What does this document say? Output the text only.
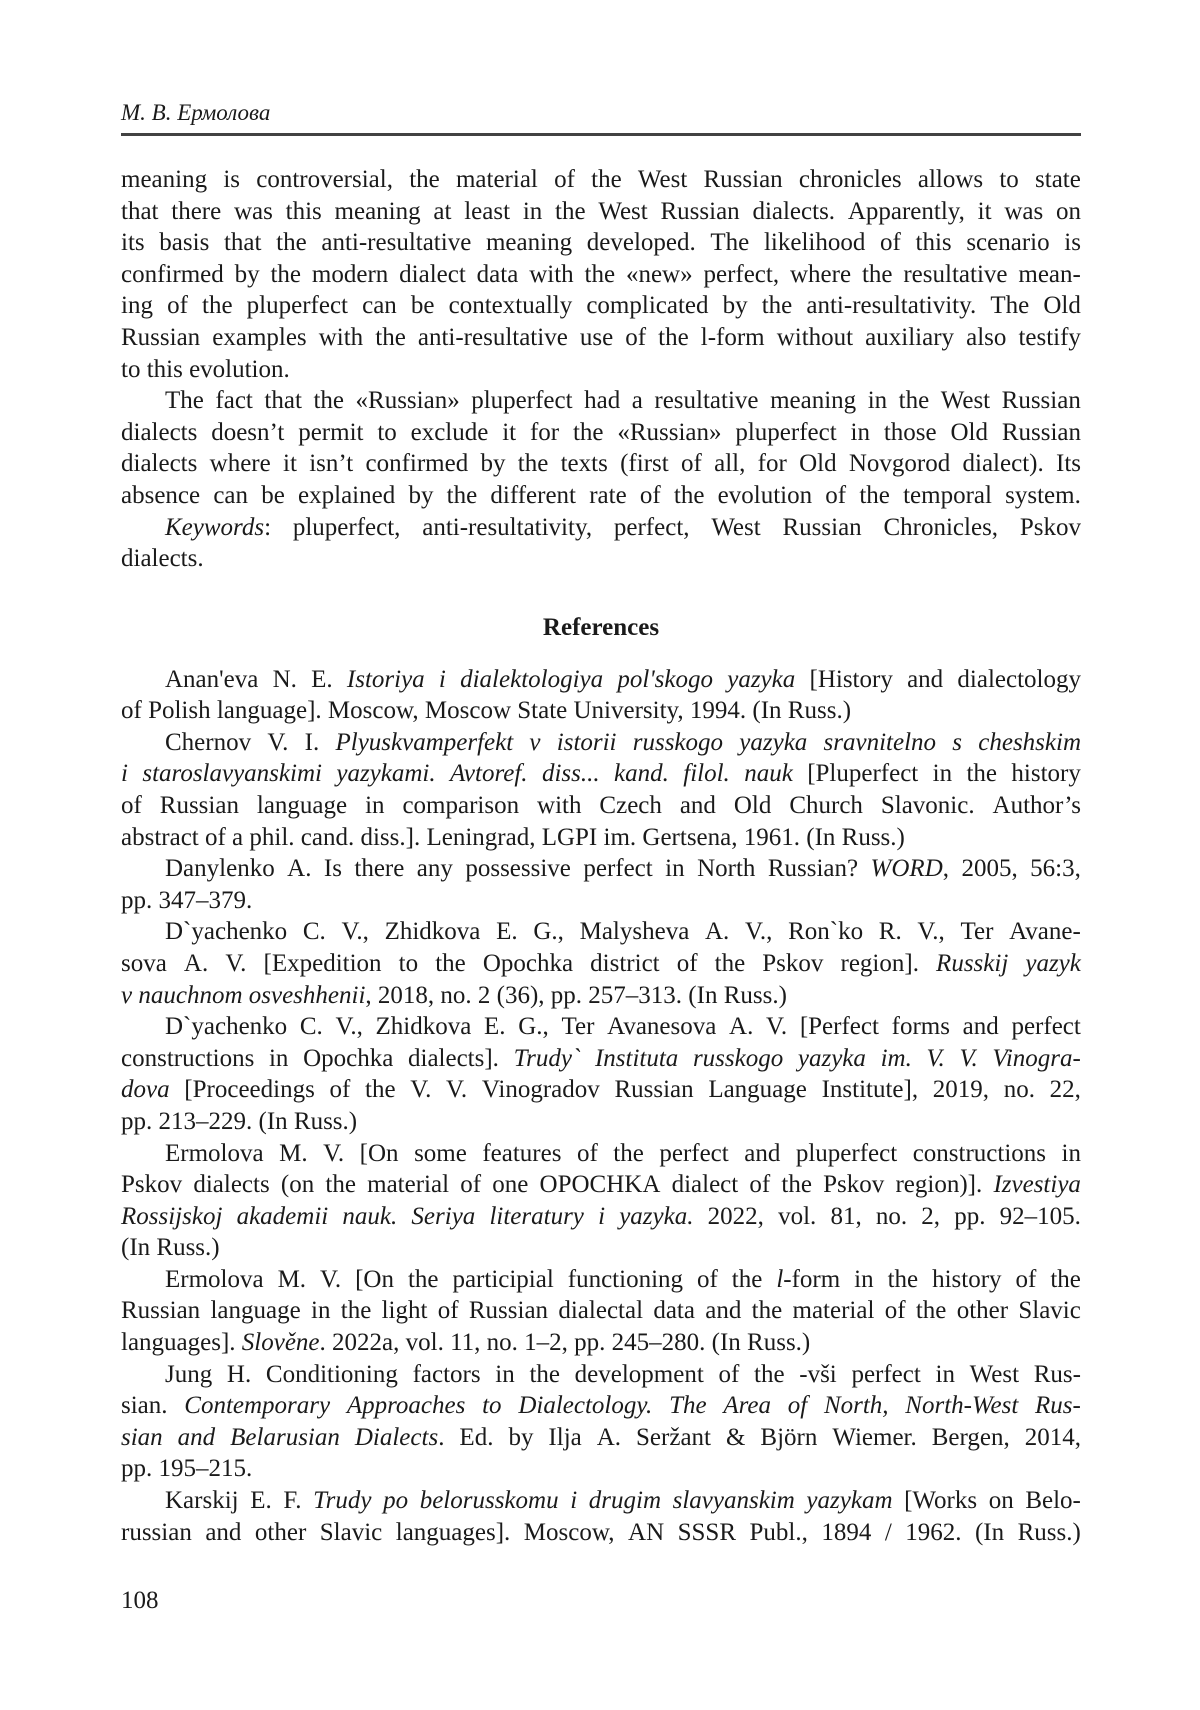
М. В. Ермолова
meaning is controversial, the material of the West Russian chronicles allows to state
that there was this meaning at least in the West Russian dialects. Apparently, it was on
its basis that the anti-resultative meaning developed. The likelihood of this scenario is
confirmed by the modern dialect data with the «new» perfect, where the resultative mean-
ing of the pluperfect can be contextually complicated by the anti-resultativity. The Old
Russian examples with the anti-resultative use of the l-form without auxiliary also testify
to this evolution.
The fact that the «Russian» pluperfect had a resultative meaning in the West Russian
dialects doesn’t permit to exclude it for the «Russian» pluperfect in those Old Russian
dialects where it isn’t confirmed by the texts (first of all, for Old Novgorod dialect). Its
absence can be explained by the different rate of the evolution of the temporal system.
Keywords: pluperfect, anti-resultativity, perfect, West Russian Chronicles, Pskov
dialects.
References
Anan'eva N. E. Istoriya i dialektologiya pol'skogo yazyka [History and dialectology
of Polish language]. Moscow, Moscow State University, 1994. (In Russ.)
Chernov V. I. Plyuskvamperfekt v istorii russkogo yazyka sravnitelno s cheshskim
i staroslavyanskimi yazykami. Avtoref. diss... kand. filol. nauk [Pluperfect in the history
of Russian language in comparison with Czech and Old Church Slavonic. Author’s
abstract of a phil. cand. diss.]. Leningrad, LGPI im. Gertsena, 1961. (In Russ.)
Danylenko A. Is there any possessive perfect in North Russian? WORD, 2005, 56:3,
pp. 347–379.
D`yachenko C. V., Zhidkova E. G., Malysheva A. V., Ron`ko R. V., Ter Avane-
sova A. V. [Expedition to the Opochka district of the Pskov region]. Russkij yazyk
v nauchnom osveshhenii, 2018, no. 2 (36), pp. 257–313. (In Russ.)
D`yachenko C. V., Zhidkova E. G., Ter Avanesova A. V. [Perfect forms and perfect
constructions in Opochka dialects]. Trudy` Instituta russkogo yazyka im. V. V. Vinogra-
dova [Proceedings of the V. V. Vinogradov Russian Language Institute], 2019, no. 22,
pp. 213–229. (In Russ.)
Ermolova M. V. [On some features of the perfect and pluperfect constructions in
Pskov dialects (on the material of one OPOCHKA dialect of the Pskov region)]. Izvestiya
Rossijskoj akademii nauk. Seriya literatury i yazyka. 2022, vol. 81, no. 2, pp. 92–105.
(In Russ.)
Ermolova M. V. [On the participial functioning of the l-form in the history of the
Russian language in the light of Russian dialectal data and the material of the other Slavic
languages]. Slověne. 2022a, vol. 11, no. 1–2, pp. 245–280. (In Russ.)
Jung H. Conditioning factors in the development of the -vši perfect in West Rus-
sian. Contemporary Approaches to Dialectology. The Area of North, North-West Rus-
sian and Belarusian Dialects. Ed. by Ilja A. Seržant & Björn Wiemer. Bergen, 2014,
pp. 195–215.
Karskij E. F. Trudy po belorusskomu i drugim slavyanskim yazykam [Works on Belo-
russian and other Slavic languages]. Moscow, AN SSSR Publ., 1894 / 1962. (In Russ.)
108
